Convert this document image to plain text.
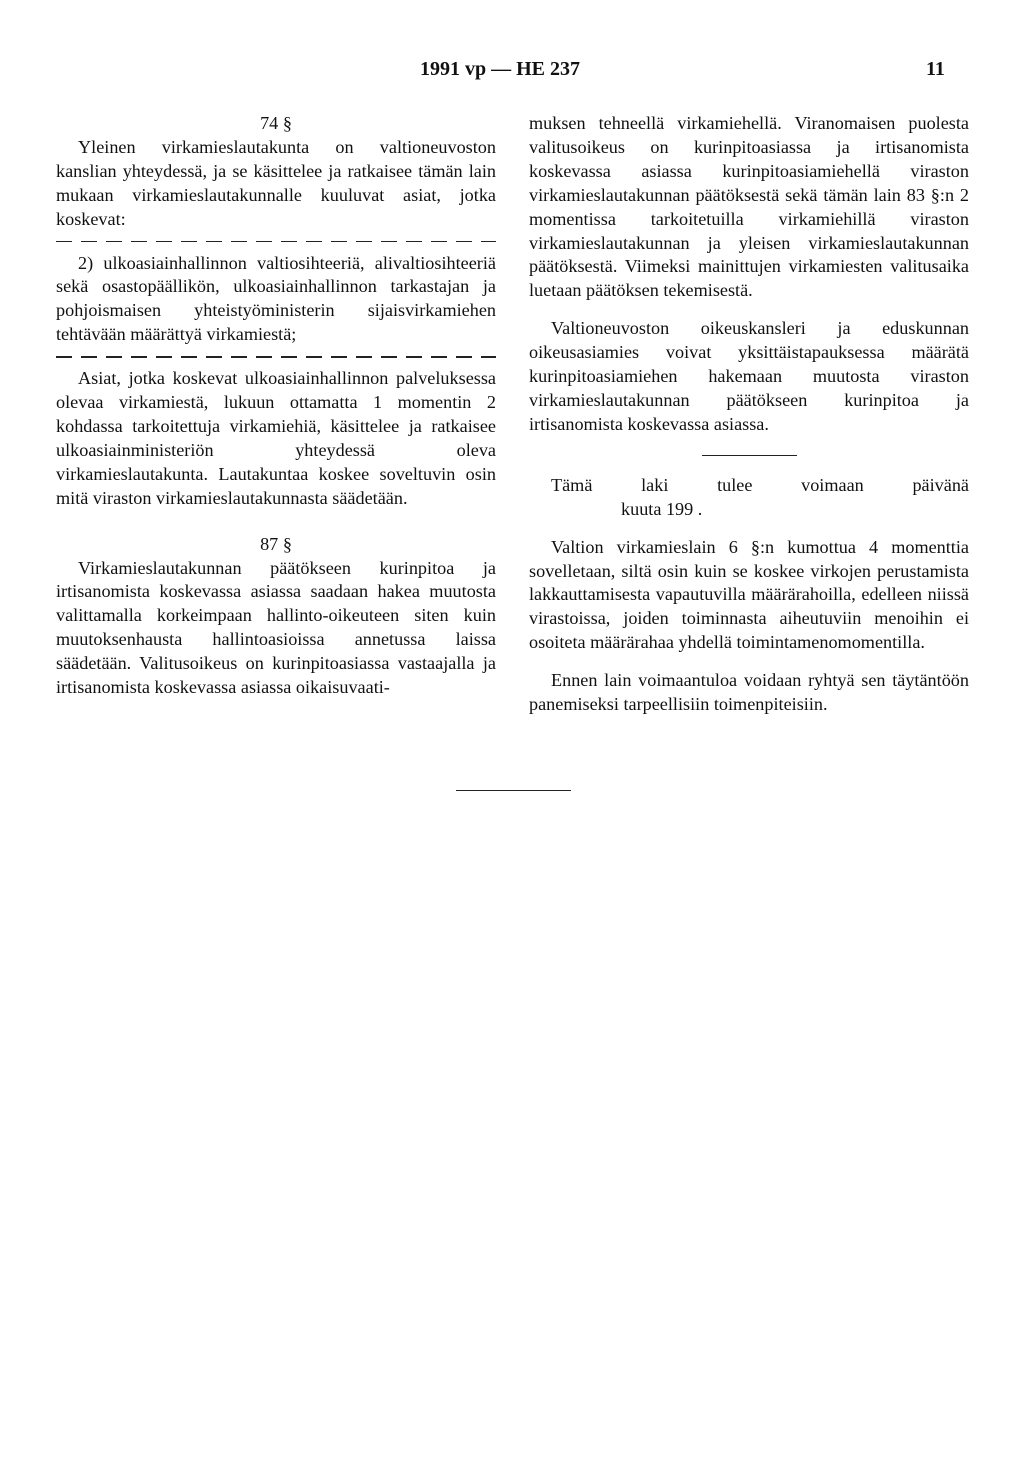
1991 vp — HE 237	11

74 §

Yleinen virkamieslautakunta on valtioneuvoston kanslian yhteydessä, ja se käsittelee ja ratkaisee tämän lain mukaan virkamieslautakunnalle kuuluvat asiat, jotka koskevat:

2) ulkoasiainhallinnon valtiosihteeriä, alivaltiosihteeriä sekä osastopäällikön, ulkoasiainhallinnon tarkastajan ja pohjoismaisen yhteistyöministerin sijaisvirkamiehen tehtävään määrättyä virkamiestä;

Asiat, jotka koskevat ulkoasiainhallinnon palveluksessa olevaa virkamiestä, lukuun ottamatta 1 momentin 2 kohdassa tarkoitettuja virkamiehiä, käsittelee ja ratkaisee ulkoasiainministeriön yhteydessä oleva virkamieslautakunta. Lautakuntaa koskee soveltuvin osin mitä viraston virkamieslautakunnasta säädetään.

87 §

Virkamieslautakunnan päätökseen kurinpitoa ja irtisanomista koskevassa asiassa saadaan hakea muutosta valittamalla korkeimpaan hallinto-oikeuteen siten kuin muutoksenhausta hallintoasioissa annetussa laissa säädetään. Valitusoikeus on kurinpitoasiassa vastaajalla ja irtisanomista koskevassa asiassa oikaisuvaati-

muksen tehneellä virkamiehellä. Viranomaisen puolesta valitusoikeus on kurinpitoasiassa ja irtisanomista koskevassa asiassa kurinpitoasiamiehellä viraston virkamieslautakunnan päätöksestä sekä tämän lain 83 §:n 2 momentissa tarkoitetuilla virkamiehillä viraston virkamieslautakunnan ja yleisen virkamieslautakunnan päätöksestä. Viimeksi mainittujen virkamiesten valitusaika luetaan päätöksen tekemisestä.

Valtioneuvoston oikeuskansleri ja eduskunnan oikeusasiamies voivat yksittäistapauksessa määrätä kurinpitoasiamiehen hakemaan muutosta viraston virkamieslautakunnan päätökseen kurinpitoa ja irtisanomista koskevassa asiassa.

Tämä	laki	tulee	voimaan	päivänä
kuuta 199 .

Valtion virkamieslain 6 §:n kumottua 4 momenttia sovelletaan, siltä osin kuin se koskee virkojen perustamista lakkauttamisesta vapautuvilla määrärahoilla, edelleen niissä virastoissa, joiden toiminnasta aiheutuviin menoihin ei osoiteta määrärahaa yhdellä toimintamenomomentilla.

Ennen lain voimaantuloa voidaan ryhtyä sen täytäntöön panemiseksi tarpeellisiin toimenpiteisiin.
